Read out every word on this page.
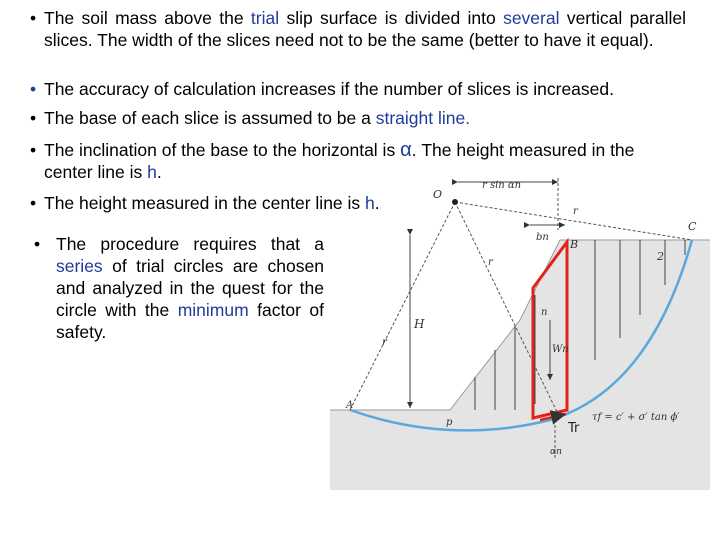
• The soil mass above the trial slip surface is divided into several vertical parallel slices. The width of the slices need not to be the same (better to have it equal).
• The accuracy of calculation increases if the number of slices is increased.
• The base of each slice is assumed to be a straight line.
• The inclination of the base to the horizontal is α. The height measured in the center line is h.
• The height measured in the center line is h.
• The procedure requires that a series of trial circles are chosen and analyzed in the quest for the circle with the minimum factor of safety.
O
r sin αn
r
bn
B
C
2
H
r
r
n
Wn
A
p	Tr
τf = c′ + σ′ tan ϕ′
αn
